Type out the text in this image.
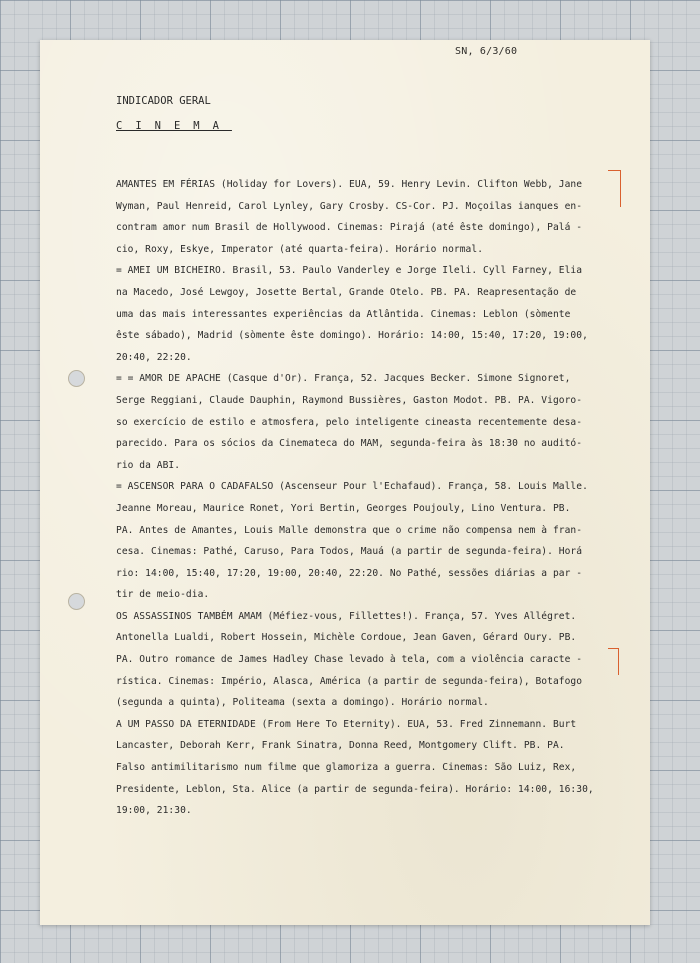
SN, 6/3/60
INDICADOR GERAL
CINEMA
AMANTES EM FÉRIAS (Holiday for Lovers). EUA, 59. Henry Levin. Clifton Webb, Jane
Wyman, Paul Henreid, Carol Lynley, Gary Crosby. CS-Cor. PJ. Moçoilas ianques en-
contram amor num Brasil de Hollywood. Cinemas: Pirajá (até êste domingo), Palá -
cio, Roxy, Eskye, Imperator (até quarta-feira). Horário normal.
= AMEI UM BICHEIRO. Brasil, 53. Paulo Vanderley e Jorge Ileli. Cyll Farney, Elia
na Macedo, José Lewgoy, Josette Bertal, Grande Otelo. PB. PA. Reapresentação de
uma das mais interessantes experiências da Atlântida. Cinemas: Leblon (sòmente
êste sábado), Madrid (sòmente êste domingo). Horário: 14:00, 15:40, 17:20, 19:00,
20:40, 22:20.
= = AMOR DE APACHE (Casque d'Or). França, 52. Jacques Becker. Simone Signoret,
Serge Reggiani, Claude Dauphin, Raymond Bussières, Gaston Modot. PB. PA. Vigoro-
so exercício de estilo e atmosfera, pelo inteligente cineasta recentemente desa-
parecido. Para os sócios da Cinemateca do MAM, segunda-feira às 18:30 no auditó-
rio da ABI.
= ASCENSOR PARA O CADAFALSO (Ascenseur Pour l'Echafaud). França, 58. Louis Malle.
Jeanne Moreau, Maurice Ronet, Yori Bertin, Georges Poujouly, Lino Ventura. PB.
PA. Antes de Amantes, Louis Malle demonstra que o crime não compensa nem à fran-
cesa. Cinemas: Pathé, Caruso, Para Todos, Mauá (a partir de segunda-feira). Horá
rio: 14:00, 15:40, 17:20, 19:00, 20:40, 22:20. No Pathé, sessões diárias a par -
tir de meio-dia.
OS ASSASSINOS TAMBÉM AMAM (Méfiez-vous, Fillettes!). França, 57. Yves Allégret.
Antonella Lualdi, Robert Hossein, Michèle Cordoue, Jean Gaven, Gérard Oury. PB.
PA. Outro romance de James Hadley Chase levado à tela, com a violência caracte -
rística. Cinemas: Império, Alasca, América (a partir de segunda-feira), Botafogo
(segunda a quinta), Politeama (sexta a domingo). Horário normal.
A UM PASSO DA ETERNIDADE (From Here To Eternity). EUA, 53. Fred Zinnemann. Burt
Lancaster, Deborah Kerr, Frank Sinatra, Donna Reed, Montgomery Clift. PB. PA.
Falso antimilitarismo num filme que glamoriza a guerra. Cinemas: São Luiz, Rex,
Presidente, Leblon, Sta. Alice (a partir de segunda-feira). Horário: 14:00, 16:30,
19:00, 21:30.
